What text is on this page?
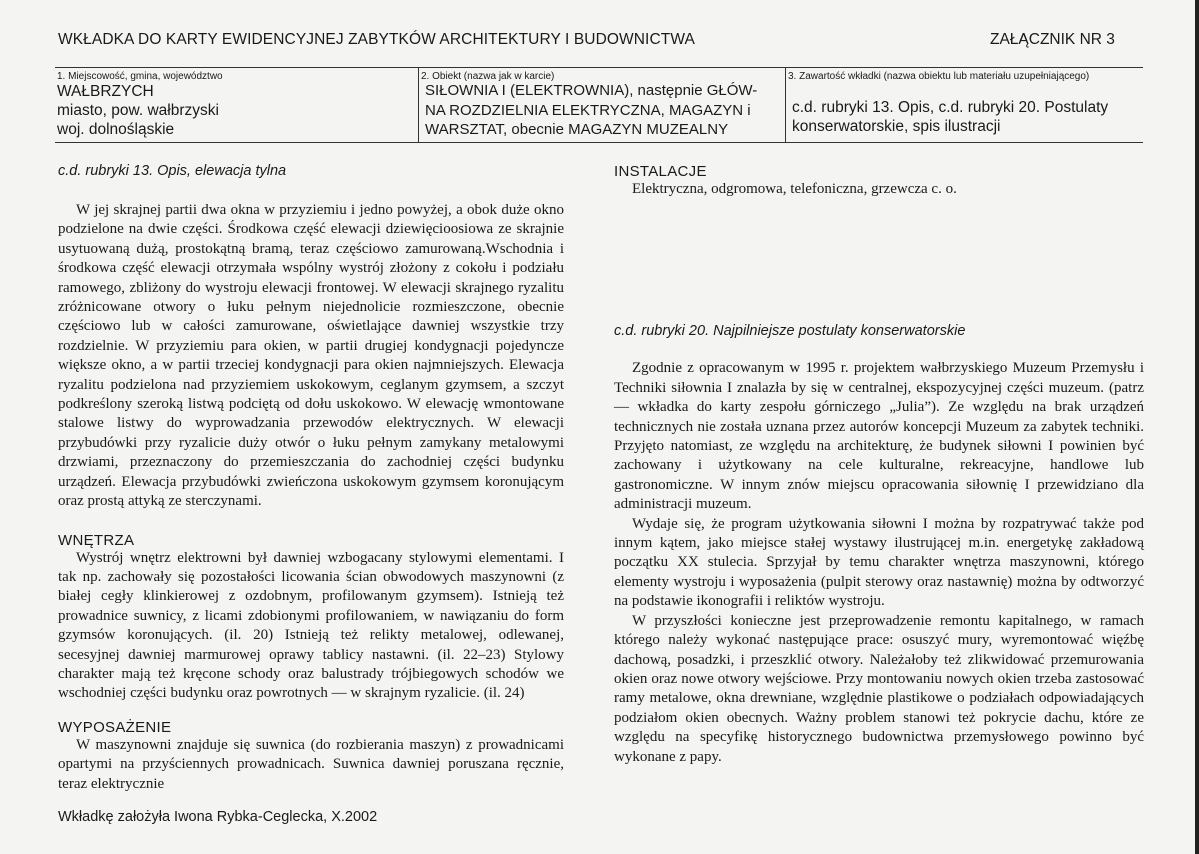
WKŁADKA DO KARTY EWIDENCYJNEJ ZABYTKÓW ARCHITEKTURY I BUDOWNICTWA	ZAŁĄCZNIK NR 3
1. Miejscowość, gmina, województwo
WAŁBRZYCH
miasto, pow. wałbrzyski
woj. dolnośląskie
2. Obiekt (nazwa jak w karcie)
SIŁOWNIA I (ELEKTROWNIA), następnie GŁÓW-
NA ROZDZIELNIA ELEKTRYCZNA, MAGAZYN i
WARSZTAT, obecnie MAGAZYN MUZEALNY
3. Zawartość wkładki (nazwa obiektu lub materiału uzupełniającego)
c.d. rubryki 13. Opis, c.d. rubryki 20. Postulaty
konserwatorskie, spis ilustracji
c.d. rubryki 13. Opis, elewacja tylna
W jej skrajnej partii dwa okna w przyziemiu i jedno powyżej, a obok duże okno podzielone na dwie części. Środkowa część elewacji dziewięcioosiowa ze skrajnie usytuowaną dużą, prostokątną bramą, teraz częściowo zamurowaną.Wschodnia i środkowa część elewacji otrzymała wspólny wystrój złożony z cokołu i podziału ramowego, zbliżony do wystroju elewacji frontowej. W elewacji skrajnego ryzalitu zróżnicowane otwory o łuku pełnym niejednolicie rozmieszczone, obecnie częściowo lub w całości zamurowane, oświetlające dawniej wszystkie trzy rozdzielnie. W przyziemiu para okien, w partii drugiej kondygnacji pojedyncze większe okno, a w partii trzeciej kondygnacji para okien najmniejszych. Elewacja ryzalitu podzielona nad przyziemiem uskokowym, ceglanym gzymsem, a szczyt podkreślony szeroką listwą podciętą od dołu uskokowo. W elewację wmontowane stalowe listwy do wyprowadzania przewodów elektrycznych. W elewacji przybudówki przy ryzalicie duży otwór o łuku pełnym zamykany metalowymi drzwiami, przeznaczony do przemieszczania do zachodniej części budynku urządzeń. Elewacja przybudówki zwieńczona uskokowym gzymsem koronującym oraz prostą attyką ze sterczynami.
WNĘTRZA
Wystrój wnętrz elektrowni był dawniej wzbogacany stylowymi elementami. I tak np. zachowały się pozostałości licowania ścian obwodowych maszynowni (z białej cegły klinkierowej z ozdobnym, profilowanym gzymsem). Istnieją też prowadnice suwnicy, z licami zdobionymi profilowaniem, w nawiązaniu do form gzymsów koronujących. (il. 20) Istnieją też relikty metalowej, odlewanej, secesyjnej dawniej marmurowej oprawy tablicy nastawni. (il. 22–23) Stylowy charakter mają też kręcone schody oraz balustrady trójbiegowych schodów we wschodniej części budynku oraz powrotnych — w skrajnym ryzalicie. (il. 24)
WYPOSAŻENIE
W maszynowni znajduje się suwnica (do rozbierania maszyn) z prowadnicami opartymi na przyściennych prowadnicach. Suwnica dawniej poruszana ręcznie, teraz elektrycznie
INSTALACJE
Elektryczna, odgromowa, telefoniczna, grzewcza c. o.
c.d. rubryki 20. Najpilniejsze postulaty konserwatorskie
Zgodnie z opracowanym w 1995 r. projektem wałbrzyskiego Muzeum Przemysłu i Techniki siłownia I znalazła by się w centralnej, ekspozycyjnej części muzeum. (patrz — wkładka do karty zespołu górniczego „Julia”). Ze względu na brak urządzeń technicznych nie została uznana przez autorów koncepcji Muzeum za zabytek techniki. Przyjęto natomiast, ze względu na architekturę, że budynek siłowni I powinien być zachowany i użytkowany na cele kulturalne, rekreacyjne, handlowe lub gastronomiczne. W innym znów miejscu opracowania siłownię I przewidziano dla administracji muzeum.
Wydaje się, że program użytkowania siłowni I można by rozpatrywać także pod innym kątem, jako miejsce stałej wystawy ilustrującej m.in. energetykę zakładową początku XX stulecia. Sprzyjał by temu charakter wnętrza maszynowni, którego elementy wystroju i wyposażenia (pulpit sterowy oraz nastawnię) można by odtworzyć na podstawie ikonografii i reliktów wystroju.
W przyszłości konieczne jest przeprowadzenie remontu kapitalnego, w ramach którego należy wykonać następujące prace: osuszyć mury, wyremontować więźbę dachową, posadzki, i przeszklić otwory. Należałoby też zlikwidować przemurowania okien oraz nowe otwory wejściowe. Przy montowaniu nowych okien trzeba zastosować ramy metalowe, okna drewniane, względnie plastikowe o podziałach odpowiadających podziałom okien obecnych. Ważny problem stanowi też pokrycie dachu, które ze względu na specyfikę historycznego budownictwa przemysłowego powinno być wykonane z papy.
Wkładkę założyła Iwona Rybka-Ceglecka, X.2002
